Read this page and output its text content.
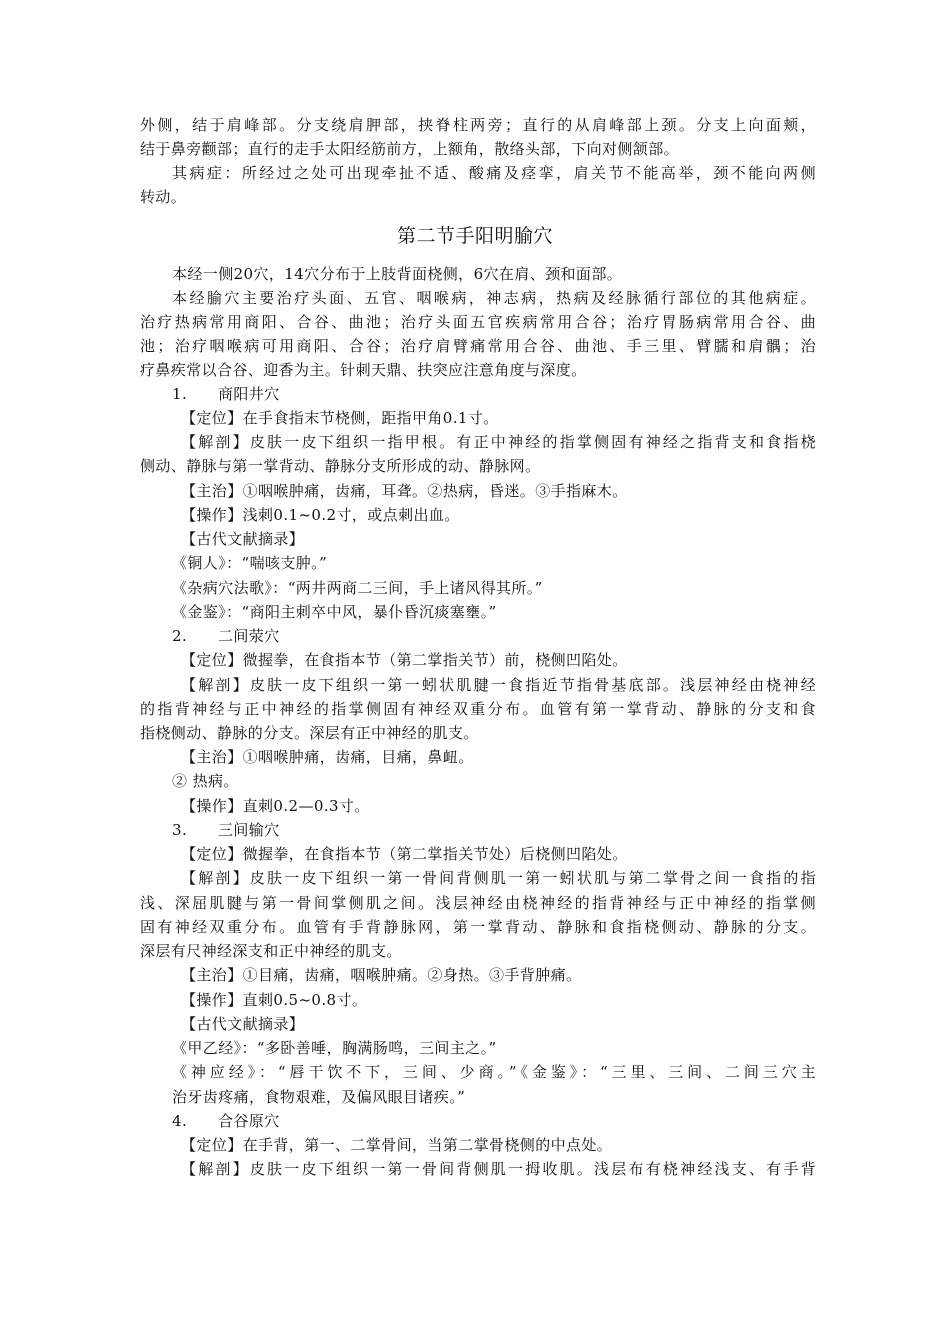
外侧，结于肩峰部。分支绕肩胛部，挟脊柱两旁；直行的从肩峰部上颈。分支上向面颊，
结于鼻旁颧部；直行的走手太阳经筋前方，上额角，散络头部，下向对侧颔部。
其病症：所经过之处可出现牵扯不适、酸痛及痉挛，肩关节不能高举，颈不能向两侧
转动。
第二节手阳明腧穴
本经一侧20穴，14穴分布于上肢背面桡侧，6穴在肩、颈和面部。
本经腧穴主要治疗头面、五官、咽喉病，神志病，热病及经脉循行部位的其他病症。
治疗热病常用商阳、合谷、曲池；治疗头面五官疾病常用合谷；治疗胃肠病常用合谷、曲
池；治疗咽喉病可用商阳、合谷；治疗肩臂痛常用合谷、曲池、手三里、臂臑和肩髃；治
疗鼻疾常以合谷、迎香为主。针刺天鼎、扶突应注意角度与深度。
1. 商阳井穴
【定位】在手食指末节桡侧，距指甲角0.1寸。
【解剖】皮肤一皮下组织一指甲根。有正中神经的指掌侧固有神经之指背支和食指桡
侧动、静脉与第一掌背动、静脉分支所形成的动、静脉网。
【主治】①咽喉肿痛，齿痛，耳聋。②热病，昏迷。③手指麻木。
【操作】浅刺0.1~0.2寸，或点刺出血。
【古代文献摘录】
《铜人》：“喘咳支肿。”
《杂病穴法歌》：“两井两商二三间，手上诸风得其所。”
《金鉴》：“商阳主刺卒中风，暴仆昏沉痰塞壅。”
2. 二间荥穴
【定位】微握拳，在食指本节（第二掌指关节）前，桡侧凹陷处。
【解剖】皮肤一皮下组织一第一蚓状肌腱一食指近节指骨基底部。浅层神经由桡神经
的指背神经与正中神经的指掌侧固有神经双重分布。血管有第一掌背动、静脉的分支和食
指桡侧动、静脉的分支。深层有正中神经的肌支。
【主治】①咽喉肿痛，齿痛，目痛，鼻衄。
② 热病。
【操作】直刺0.2—0.3寸。
3. 三间输穴
【定位】微握拳，在食指本节（第二掌指关节处）后桡侧凹陷处。
【解剖】皮肤一皮下组织一第一骨间背侧肌一第一蚓状肌与第二掌骨之间一食指的指
浅、深屈肌腱与第一骨间掌侧肌之间。浅层神经由桡神经的指背神经与正中神经的指掌侧
固有神经双重分布。血管有手背静脉网，第一掌背动、静脉和食指桡侧动、静脉的分支。
深层有尺神经深支和正中神经的肌支。
【主治】①目痛，齿痛，咽喉肿痛。②身热。③手背肿痛。
【操作】直刺0.5~0.8寸。
【古代文献摘录】
《甲乙经》：“多卧善唾，胸满肠鸣，三间主之。”
《神应经》：“唇干饮不下，三间、少商。”《金鉴》：“三里、三间、二间三穴主
治牙齿疼痛，食物艰难，及偏风眼目诸疾。”
4. 合谷原穴
【定位】在手背，第一、二掌骨间，当第二掌骨桡侧的中点处。
【解剖】皮肤一皮下组织一第一骨间背侧肌一拇收肌。浅层布有桡神经浅支、有手背
